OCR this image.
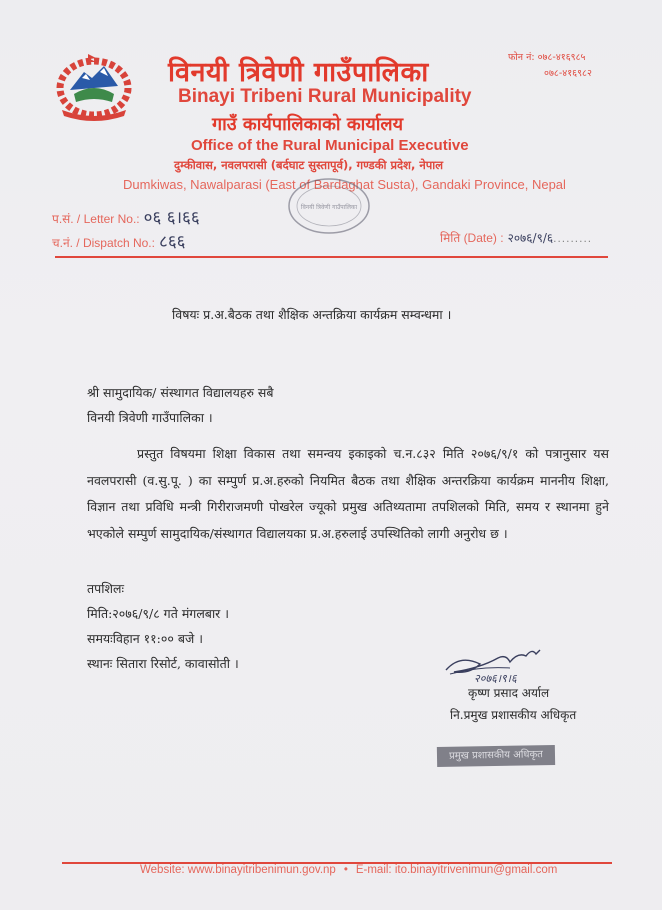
विनयी त्रिवेणी गाउँपालिका
Binayi Tribeni Rural Municipality
गाउँ कार्यपालिकाको कार्यालय
Office of the Rural Municipal Executive
दुम्कीवास, नवलपरासी (बर्दघाट सुस्तापूर्व), गण्डकी प्रदेश, नेपाल
Dumkiwas, Nawalparasi (East of Bardaghat Susta), Gandaki Province, Nepal
फोन नं: ०७८-४१६९८५
०७८-४१६९८२
विनयी त्रिवेणी गाउँपालिका
प.सं. / Letter No.: ०६ ६।६६
च.नं. / Dispatch No.: ८६६	मिति (Date) : २०७६/९/६.........
विषयः प्र.अ.बैठक तथा शैक्षिक अन्तक्रिया कार्यक्रम सम्वन्धमा ।
श्री सामुदायिक/ संस्थागत विद्यालयहरु सबै
विनयी त्रिवेणी गाउँपालिका ।
प्रस्तुत विषयमा शिक्षा विकास तथा समन्वय इकाइको च.न.८३२ मिति २०७६/९/१ को पत्रानुसार यस नवलपरासी (व.सु.पू. ) का सम्पुर्ण प्र.अ.हरुको नियमित बैठक तथा शैक्षिक अन्तरक्रिया कार्यक्रम माननीय शिक्षा, विज्ञान तथा प्रविधि मन्त्री गिरीराजमणी पोखरेल ज्यूको प्रमुख अतिथ्यतामा तपशिलको मिति, समय र स्थानमा हुने भएकोले सम्पुर्ण सामुदायिक/संस्थागत विद्यालयका प्र.अ.हरुलाई उपस्थितिको लागी अनुरोध छ ।
तपशिलः
मिति:२०७६/९/८ गते मंगलबार ।
समयःविहान ११:०० बजे ।
स्थानः सितारा रिसोर्ट, कावासोती ।
२०७६।९।६
कृष्ण प्रसाद अर्याल
नि.प्रमुख प्रशासकीय अधिकृत
प्रमुख प्रशासकीय अधिकृत
Website: www.binayitribenimun.gov.np • E-mail: ito.binayitrivenimun@gmail.com
